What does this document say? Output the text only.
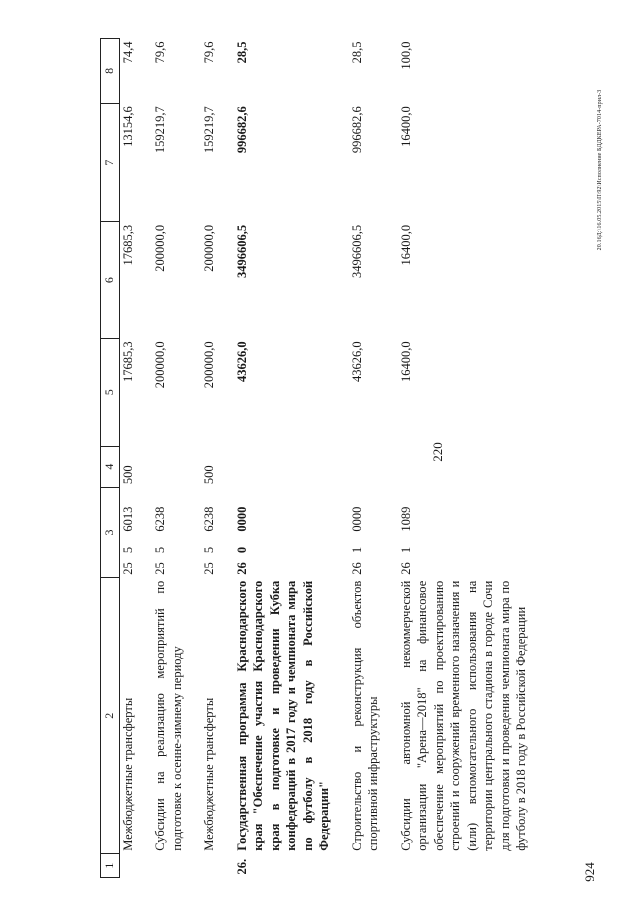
220
924
20.16Д:\16.05.2015\П\92\Исполнение БДДКЕРА-7014-прил-3
1	2	3			4	5	6	7	8
	Межбюджетные трансферты	25	5	6013	500	17685,3	17685,3	13154,6	74,4

	Субсидии на реализацию мероприятий по подготовке к осенне-зимнему периоду	25	5	6238		200000,0	200000,0	159219,7	79,6

	Межбюджетные трансферты	25	5	6238	500	200000,0	200000,0	159219,7	79,6

26.	Государственная программа Краснодарского края "Обеспечение участия Краснодарского края в подготовке и проведении Кубка конфедераций в 2017 году и чемпионата мира по футболу в 2018 году в Российской Федерации"	26	0	0000		43626,0	3496606,5	996682,6	28,5

	Строительство и реконструкция объектов спортивной инфраструктуры	26	1	0000		43626,0	3496606,5	996682,6	28,5

	Субсидии автономной некоммерческой организации "Арена—2018" на финансовое обеспечение мероприятий по проектированию строений и сооружений временного назначения и (или) вспомогательного использования на территории центрального стадиона в городе Сочи для подготовки и проведения чемпионата мира по футболу в 2018 году в Российской Федерации	26	1	1089		16400,0	16400,0	16400,0	100,0
